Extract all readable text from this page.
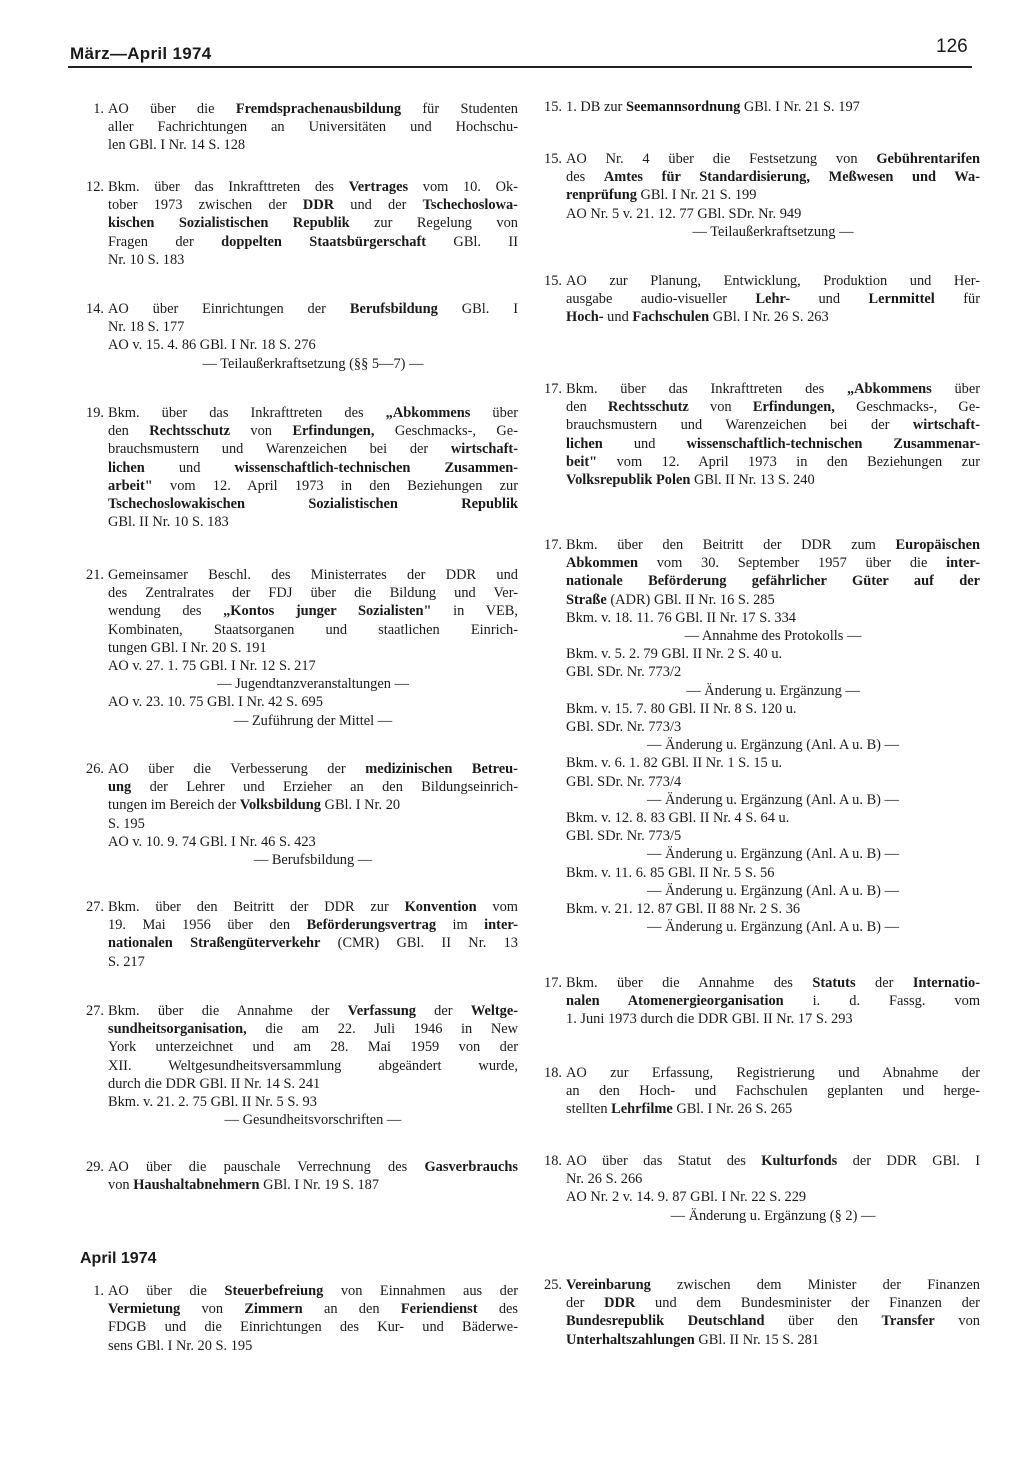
März—April 1974	126
April 1974
1. AO über die Fremdsprachenausbildung für Studenten
aller Fachrichtungen an Universitäten und Hochschu-
len GBl. I Nr. 14 S. 128
12. Bkm. über das Inkrafttreten des Vertrages vom 10. Ok-
tober 1973 zwischen der DDR und der Tschechoslowa-
kischen Sozialistischen Republik zur Regelung von
Fragen der doppelten Staatsbürgerschaft GBl. II
Nr. 10 S. 183
14. AO über Einrichtungen der Berufsbildung GBl. I
Nr. 18 S. 177
AO v. 15. 4. 86 GBl. I Nr. 18 S. 276
— Teilaußerkraftsetzung (§§ 5—7) —
19. Bkm. über das Inkrafttreten des „Abkommens über
den Rechtsschutz von Erfindungen, Geschmacks-, Ge-
brauchsmustern und Warenzeichen bei der wirtschaft-
lichen und wissenschaftlich-technischen Zusammen-
arbeit" vom 12. April 1973 in den Beziehungen zur
Tschechoslowakischen Sozialistischen Republik
GBl. II Nr. 10 S. 183
21. Gemeinsamer Beschl. des Ministerrates der DDR und
des Zentralrates der FDJ über die Bildung und Ver-
wendung des „Kontos junger Sozialisten" in VEB,
Kombinaten, Staatsorganen und staatlichen Einrich-
tungen GBl. I Nr. 20 S. 191
AO v. 27. 1. 75 GBl. I Nr. 12 S. 217
— Jugendtanzveranstaltungen —
AO v. 23. 10. 75 GBl. I Nr. 42 S. 695
— Zuführung der Mittel —
26. AO über die Verbesserung der medizinischen Betreu-
ung der Lehrer und Erzieher an den Bildungseinrich-
tungen im Bereich der Volksbildung GBl. I Nr. 20
S. 195
AO v. 10. 9. 74 GBl. I Nr. 46 S. 423
— Berufsbildung —
27. Bkm. über den Beitritt der DDR zur Konvention vom
19. Mai 1956 über den Beförderungsvertrag im inter-
nationalen Straßengüterverkehr (CMR) GBl. II Nr. 13
S. 217
27. Bkm. über die Annahme der Verfassung der Weltge-
sundheitsorganisation, die am 22. Juli 1946 in New
York unterzeichnet und am 28. Mai 1959 von der
XII. Weltgesundheitsversammlung abgeändert wurde,
durch die DDR GBl. II Nr. 14 S. 241
Bkm. v. 21. 2. 75 GBl. II Nr. 5 S. 93
— Gesundheitsvorschriften —
29. AO über die pauschale Verrechnung des Gasverbrauchs
von Haushaltabnehmern GBl. I Nr. 19 S. 187
1. AO über die Steuerbefreiung von Einnahmen aus der
Vermietung von Zimmern an den Feriendienst des
FDGB und die Einrichtungen des Kur- und Bäderwe-
sens GBl. I Nr. 20 S. 195
15. 1. DB zur Seemannsordnung GBl. I Nr. 21 S. 197
15. AO Nr. 4 über die Festsetzung von Gebührentarifen
des Amtes für Standardisierung, Meßwesen und Wa-
renprüfung GBl. I Nr. 21 S. 199
AO Nr. 5 v. 21. 12. 77 GBl. SDr. Nr. 949
— Teilaußerkraftsetzung —
15. AO zur Planung, Entwicklung, Produktion und Her-
ausgabe audio-visueller Lehr- und Lernmittel für
Hoch- und Fachschulen GBl. I Nr. 26 S. 263
17. Bkm. über das Inkrafttreten des „Abkommens über
den Rechtsschutz von Erfindungen, Geschmacks-, Ge-
brauchsmustern und Warenzeichen bei der wirtschaft-
lichen und wissenschaftlich-technischen Zusammenar-
beit" vom 12. April 1973 in den Beziehungen zur
Volksrepublik Polen GBl. II Nr. 13 S. 240
17. Bkm. über den Beitritt der DDR zum Europäischen
Abkommen vom 30. September 1957 über die inter-
nationale Beförderung gefährlicher Güter auf der
Straße (ADR) GBl. II Nr. 16 S. 285
Bkm. v. 18. 11. 76 GBl. II Nr. 17 S. 334
— Annahme des Protokolls —
Bkm. v. 5. 2. 79 GBl. II Nr. 2 S. 40 u.
GBl. SDr. Nr. 773/2
— Änderung u. Ergänzung —
Bkm. v. 15. 7. 80 GBl. II Nr. 8 S. 120 u.
GBl. SDr. Nr. 773/3
— Änderung u. Ergänzung (Anl. A u. B) —
Bkm. v. 6. 1. 82 GBl. II Nr. 1 S. 15 u.
GBl. SDr. Nr. 773/4
— Änderung u. Ergänzung (Anl. A u. B) —
Bkm. v. 12. 8. 83 GBl. II Nr. 4 S. 64 u.
GBl. SDr. Nr. 773/5
— Änderung u. Ergänzung (Anl. A u. B) —
Bkm. v. 11. 6. 85 GBl. II Nr. 5 S. 56
— Änderung u. Ergänzung (Anl. A u. B) —
Bkm. v. 21. 12. 87 GBl. II 88 Nr. 2 S. 36
— Änderung u. Ergänzung (Anl. A u. B) —
17. Bkm. über die Annahme des Statuts der Internatio-
nalen Atomenergieorganisation i. d. Fassg. vom
1. Juni 1973 durch die DDR GBl. II Nr. 17 S. 293
18. AO zur Erfassung, Registrierung und Abnahme der
an den Hoch- und Fachschulen geplanten und herge-
stellten Lehrfilme GBl. I Nr. 26 S. 265
18. AO über das Statut des Kulturfonds der DDR GBl. I
Nr. 26 S. 266
AO Nr. 2 v. 14. 9. 87 GBl. I Nr. 22 S. 229
— Änderung u. Ergänzung (§ 2) —
25. Vereinbarung zwischen dem Minister der Finanzen
der DDR und dem Bundesminister der Finanzen der
Bundesrepublik Deutschland über den Transfer von
Unterhaltszahlungen GBl. II Nr. 15 S. 281
